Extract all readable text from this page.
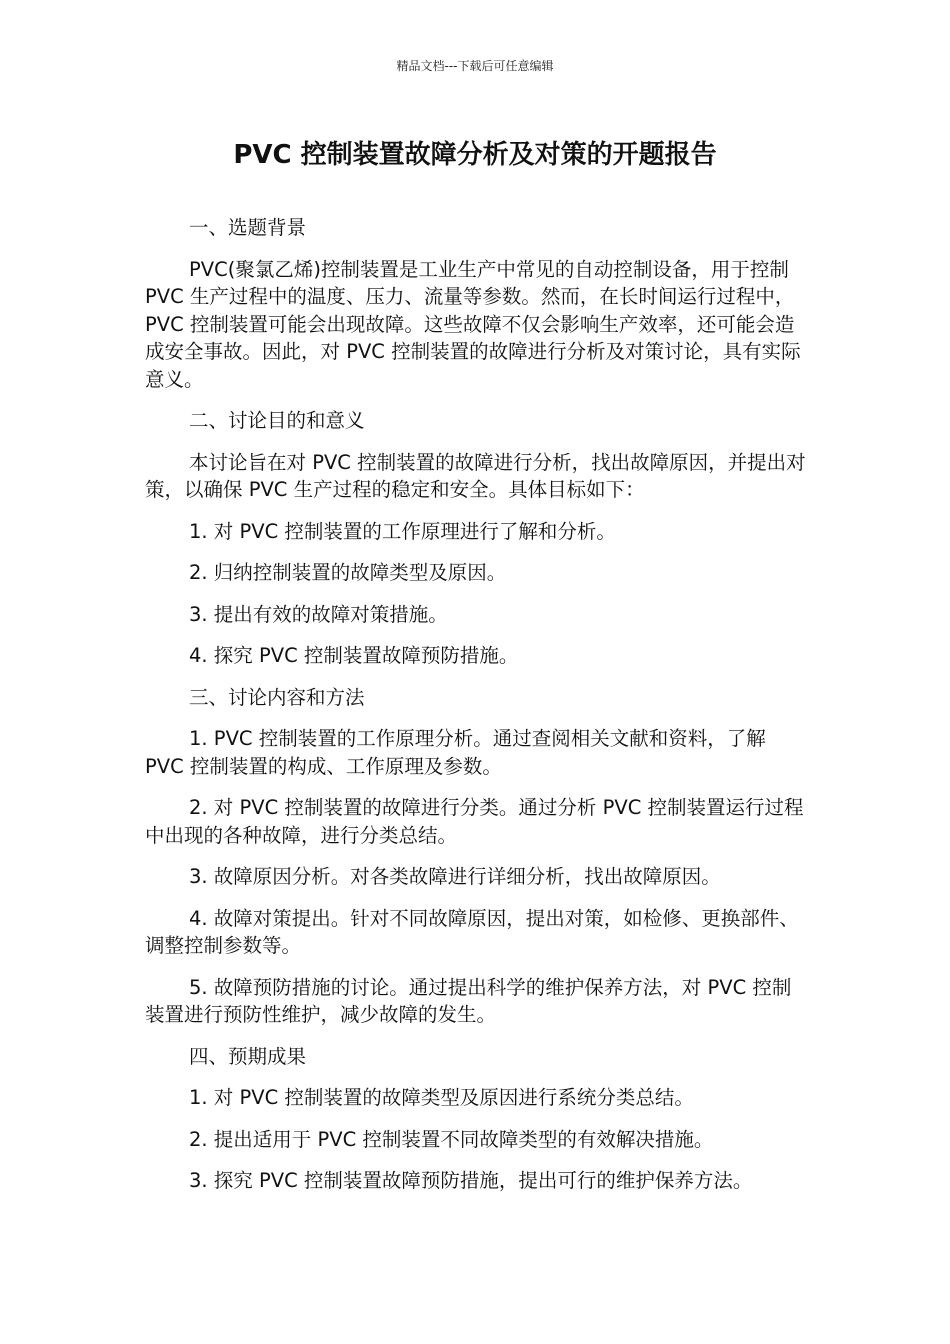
精品文档---下载后可任意编辑
PVC 控制装置故障分析及对策的开题报告

一、选题背景

PVC(聚氯乙烯)控制装置是工业生产中常见的自动控制设备，用于控制 PVC 生产过程中的温度、压力、流量等参数。然而，在长时间运行过程中，PVC 控制装置可能会出现故障。这些故障不仅会影响生产效率，还可能会造成安全事故。因此，对 PVC 控制装置的故障进行分析及对策讨论，具有实际意义。

二、讨论目的和意义

本讨论旨在对 PVC 控制装置的故障进行分析，找出故障原因，并提出对策，以确保 PVC 生产过程的稳定和安全。具体目标如下：

1. 对 PVC 控制装置的工作原理进行了解和分析。

2. 归纳控制装置的故障类型及原因。

3. 提出有效的故障对策措施。

4. 探究 PVC 控制装置故障预防措施。

三、讨论内容和方法

1. PVC 控制装置的工作原理分析。通过查阅相关文献和资料，了解 PVC 控制装置的构成、工作原理及参数。

2. 对 PVC 控制装置的故障进行分类。通过分析 PVC 控制装置运行过程中出现的各种故障，进行分类总结。

3. 故障原因分析。对各类故障进行详细分析，找出故障原因。

4. 故障对策提出。针对不同故障原因，提出对策，如检修、更换部件、调整控制参数等。

5. 故障预防措施的讨论。通过提出科学的维护保养方法，对 PVC 控制装置进行预防性维护，减少故障的发生。

四、预期成果

1. 对 PVC 控制装置的故障类型及原因进行系统分类总结。

2. 提出适用于 PVC 控制装置不同故障类型的有效解决措施。

3. 探究 PVC 控制装置故障预防措施，提出可行的维护保养方法。
